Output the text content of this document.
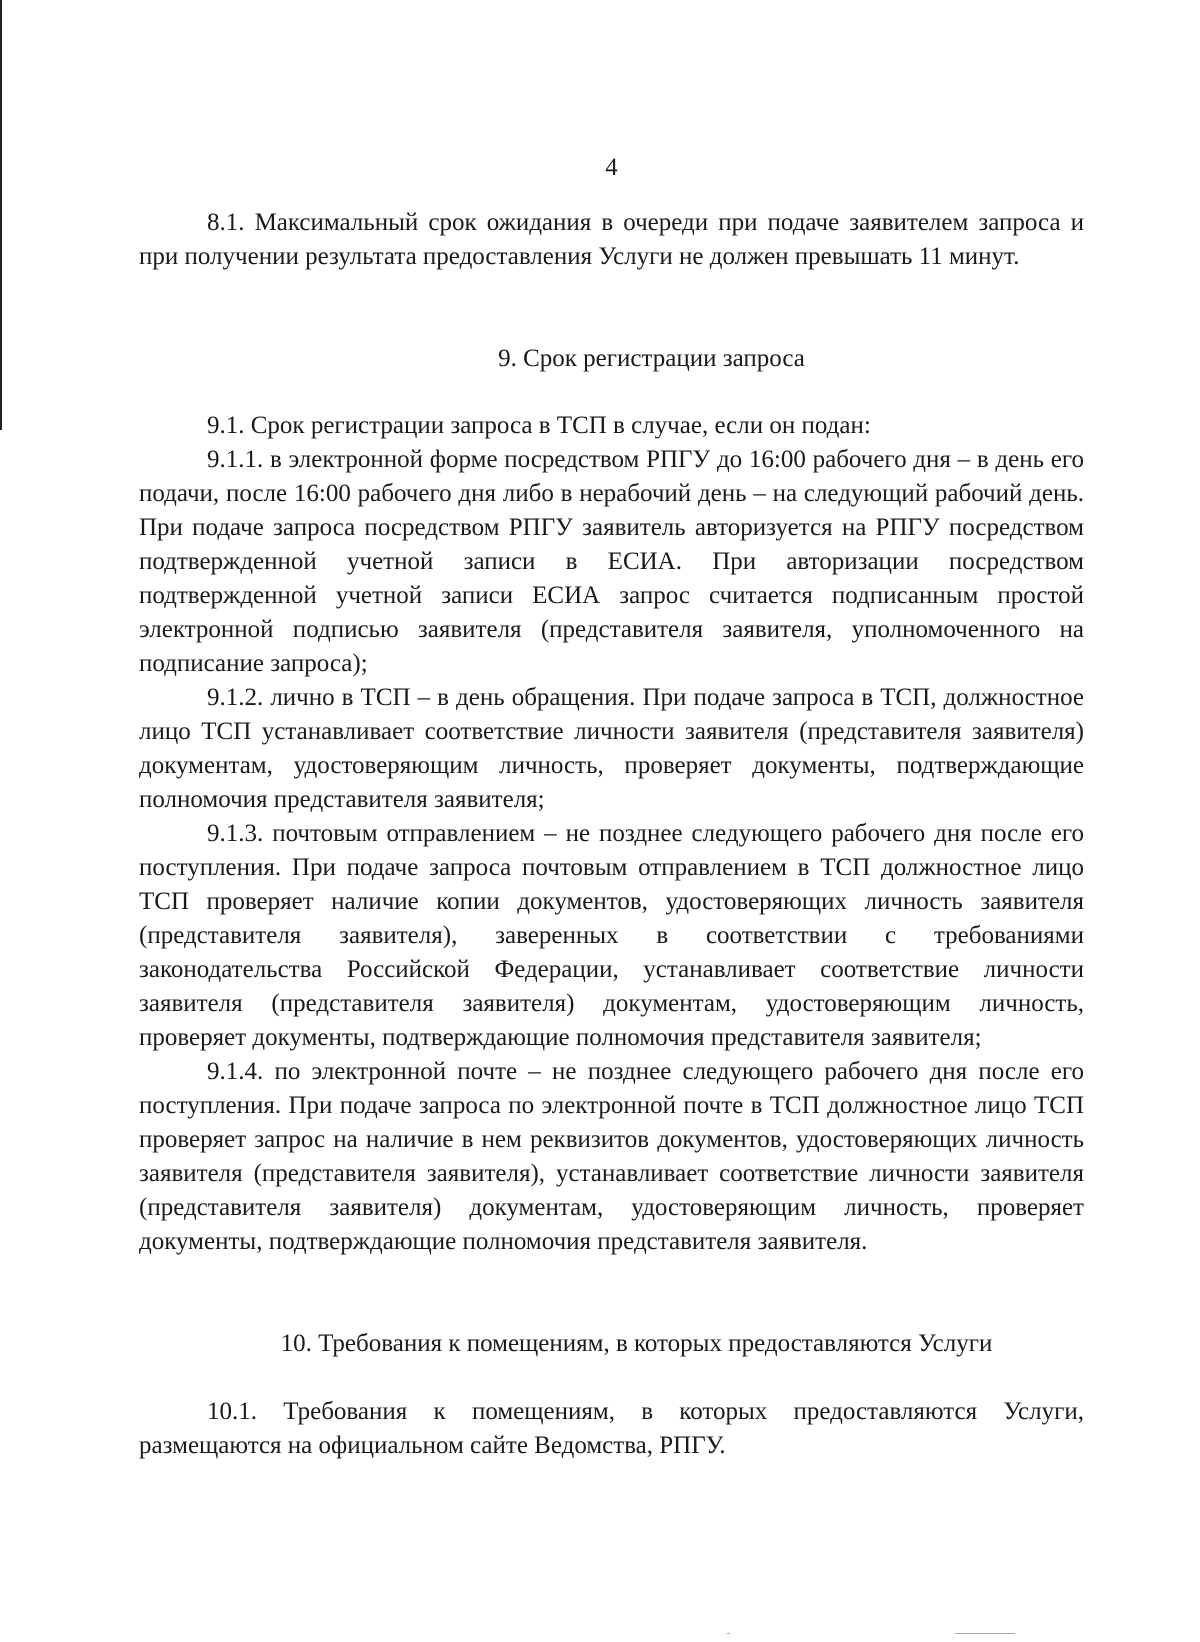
4

8.1. Максимальный срок ожидания в очереди при подаче заявителем запроса и при получении результата предоставления Услуги не должен превышать 11 минут.

9. Срок регистрации запроса

9.1. Срок регистрации запроса в ТСП в случае, если он подан:

9.1.1. в электронной форме посредством РПГУ до 16:00 рабочего дня – в день его подачи, после 16:00 рабочего дня либо в нерабочий день – на следующий рабочий день. При подаче запроса посредством РПГУ заявитель авторизуется на РПГУ посредством подтвержденной учетной записи в ЕСИА. При авторизации посредством подтвержденной учетной записи ЕСИА запрос считается подписанным простой электронной подписью заявителя (представителя заявителя, уполномоченного на подписание запроса);

9.1.2. лично в ТСП – в день обращения. При подаче запроса в ТСП, должностное лицо ТСП устанавливает соответствие личности заявителя (представителя заявителя) документам, удостоверяющим личность, проверяет документы, подтверждающие полномочия представителя заявителя;

9.1.3. почтовым отправлением – не позднее следующего рабочего дня после его поступления. При подаче запроса почтовым отправлением в ТСП должностное лицо ТСП проверяет наличие копии документов, удостоверяющих личность заявителя (представителя заявителя), заверенных в соответствии с требованиями законодательства Российской Федерации, устанавливает соответствие личности заявителя (представителя заявителя) документам, удостоверяющим личность, проверяет документы, подтверждающие полномочия представителя заявителя;

9.1.4. по электронной почте – не позднее следующего рабочего дня после его поступления. При подаче запроса по электронной почте в ТСП должностное лицо ТСП проверяет запрос на наличие в нем реквизитов документов, удостоверяющих личность заявителя (представителя заявителя), устанавливает соответствие личности заявителя (представителя заявителя) документам, удостоверяющим личность, проверяет документы, подтверждающие полномочия представителя заявителя.

10. Требования к помещениям, в которых предоставляются Услуги

10.1. Требования к помещениям, в которых предоставляются Услуги, размещаются на официальном сайте Ведомства, РПГУ.
